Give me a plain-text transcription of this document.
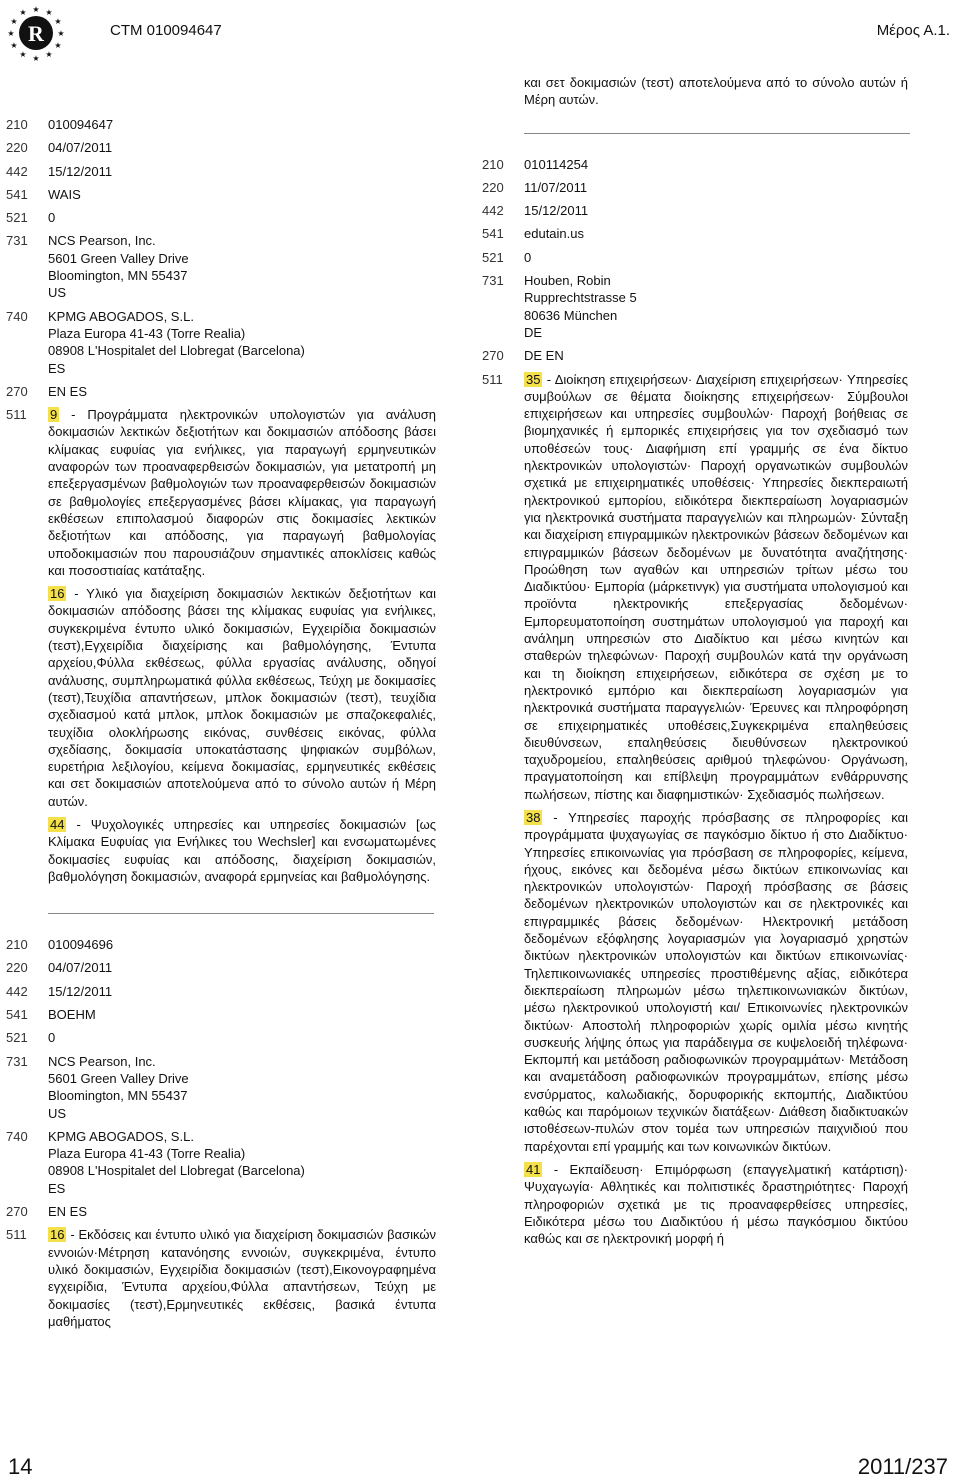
R
★ ★
★
★
★
★
★
★
★
★
★
★
CTM 010094647	Μέρος Α.1.
210	010094647
220	04/07/2011
442	15/12/2011
541	WAIS
521	0
731	NCS Pearson, Inc.
5601 Green Valley Drive
Bloomington, MN 55437
US
740	KPMG ABOGADOS, S.L.
Plaza Europa 41-43 (Torre Realia)
08908 L'Hospitalet del Llobregat (Barcelona)
ES
270	EN ES
511	9 - Προγράμματα ηλεκτρονικών υπολογιστών για ανάλυση δοκιμασιών λεκτικών δεξιοτήτων και δοκιμασιών απόδοσης βάσει κλίμακας ευφυίας για ενήλικες, για παραγωγή ερμηνευτικών αναφορών των προαναφερθεισών δοκιμασιών, για μετατροπή μη επεξεργασμένων βαθμολογιών των προαναφερθεισών δοκιμασιών σε βαθμολογίες επεξεργασμένες βάσει κλίμακας, για παραγωγή εκθέσεων επιπολασμού διαφορών στις δοκιμασίες λεκτικών δεξιοτήτων και απόδοσης, για παραγωγή βαθμολογίας υποδοκιμασιών που παρουσιάζουν σημαντικές αποκλίσεις καθώς και ποσοστιαίας κατάταξης.

16 - Υλικό για διαχείριση δοκιμασιών λεκτικών δεξιοτήτων και δοκιμασιών απόδοσης βάσει της κλίμακας ευφυίας για ενήλικες, συγκεκριμένα έντυπο υλικό δοκιμασιών, Εγχειρίδια δοκιμασιών (τεστ),Εγχειρίδια διαχείρισης και βαθμολόγησης, Έντυπα αρχείου,Φύλλα εκθέσεως, φύλλα εργασίας ανάλυσης, οδηγοί ανάλυσης, συμπληρωματικά φύλλα εκθέσεως, Τεύχη με δοκιμασίες (τεστ),Τευχίδια απαντήσεων, μπλοκ δοκιμασιών (τεστ), τευχίδια σχεδιασμού κατά μπλοκ, μπλοκ δοκιμασιών με σπαζοκεφαλιές, τευχίδια ολοκλήρωσης εικόνας, συνθέσεις εικόνας, φύλλα σχεδίασης, δοκιμασία υποκατάστασης ψηφιακών συμβόλων, ευρετήρια λεξιλογίου, κείμενα δοκιμασίας, ερμηνευτικές εκθέσεις και σετ δοκιμασιών αποτελούμενα από το σύνολο αυτών ή Μέρη αυτών.

44 - Ψυχολογικές υπηρεσίες και υπηρεσίες δοκιμασιών [ως Κλίμακα Ευφυίας για Ενήλικες του Wechsler] και ενσωματωμένες δοκιμασίες ευφυίας και απόδοσης, διαχείριση δοκιμασιών, βαθμολόγηση δοκιμασιών, αναφορά ερμηνείας και βαθμολόγησης.

210	010094696
220	04/07/2011
442	15/12/2011
541	BOEHM
521	0
731	NCS Pearson, Inc.
5601 Green Valley Drive
Bloomington, MN 55437
US
740	KPMG ABOGADOS, S.L.
Plaza Europa 41-43 (Torre Realia)
08908 L'Hospitalet del Llobregat (Barcelona)
ES
270	EN ES
511	16 - Εκδόσεις και έντυπο υλικό για διαχείριση δοκιμασιών βασικών εννοιών·Μέτρηση κατανόησης εννοιών, συγκεκριμένα, έντυπο υλικό δοκιμασιών, Εγχειρίδια δοκιμασιών (τεστ),Εικονογραφημένα εγχειρίδια, Έντυπα αρχείου,Φύλλα απαντήσεων, Τεύχη με δοκιμασίες (τεστ),Ερμηνευτικές εκθέσεις, βασικά έντυπα μαθήματος

και σετ δοκιμασιών (τεστ) αποτελούμενα από το σύνολο αυτών ή Μέρη αυτών.
210	010114254
220	11/07/2011
442	15/12/2011
541	edutain.us
521	0
731	Houben, Robin
Rupprechtstrasse 5
80636 München
DE
270	DE EN
511	35 - Διοίκηση επιχειρήσεων· Διαχείριση επιχειρήσεων· Υπηρεσίες συμβούλων σε θέματα διοίκησης επιχειρήσεων· Σύμβουλοι επιχειρήσεων και υπηρεσίες συμβουλών· Παροχή βοήθειας σε βιομηχανικές ή εμπορικές επιχειρήσεις για τον σχεδιασμό των υποθέσεών τους· Διαφήμιση επί γραμμής σε ένα δίκτυο ηλεκτρονικών υπολογιστών· Παροχή οργανωτικών συμβουλών σχετικά με επιχειρηματικές υποθέσεις· Υπηρεσίες διεκπεραιωτή ηλεκτρονικού εμπορίου, ειδικότερα διεκπεραίωση λογαριασμών για ηλεκτρονικά συστήματα παραγγελιών και πληρωμών· Σύνταξη και διαχείριση επιγραμμικών ηλεκτρονικών βάσεων δεδομένων και επιγραμμικών βάσεων δεδομένων με δυνατότητα αναζήτησης· Προώθηση των αγαθών και υπηρεσιών τρίτων μέσω του Διαδικτύου· Εμπορία (μάρκετινγκ) για συστήματα υπολογισμού και προϊόντα ηλεκτρονικής επεξεργασίας δεδομένων· Εμπορευματοποίηση συστημάτων υπολογισμού για παροχή και ανάλημη υπηρεσιών στο Διαδίκτυο και μέσω κινητών και σταθερών τηλεφώνων· Παροχή συμβουλών κατά την οργάνωση και τη διοίκηση επιχειρήσεων, ειδικότερα σε σχέση με το ηλεκτρονικό εμπόριο και διεκπεραίωση λογαριασμών για ηλεκτρονικά συστήματα παραγγελιών· Έρευνες και πληροφόρηση σε επιχειρηματικές υποθέσεις,Συγκεκριμένα επαληθεύσεις διευθύνσεων, επαληθεύσεις διευθύνσεων ηλεκτρονικού ταχυδρομείου, επαληθεύσεις αριθμού τηλεφώνου· Οργάνωση, πραγματοποίηση και επίβλεψη προγραμμάτων ενθάρρυνσης πωλήσεων, πίστης και διαφημιστικών· Σχεδιασμός πωλήσεων.

38 - Υπηρεσίες παροχής πρόσβασης σε πληροφορίες και προγράμματα ψυχαγωγίας σε παγκόσμιο δίκτυο ή στο Διαδίκτυο· Υπηρεσίες επικοινωνίας για πρόσβαση σε πληροφορίες, κείμενα, ήχους, εικόνες και δεδομένα μέσω δικτύων επικοινωνίας και ηλεκτρονικών υπολογιστών· Παροχή πρόσβασης σε βάσεις δεδομένων ηλεκτρονικών υπολογιστών και σε ηλεκτρονικές και επιγραμμικές βάσεις δεδομένων· Ηλεκτρονική μετάδοση δεδομένων εξόφλησης λογαριασμών για λογαριασμό χρηστών δικτύων ηλεκτρονικών υπολογιστών και δικτύων επικοινωνίας· Τηλεπικοινωνιακές υπηρεσίες προστιθέμενης αξίας, ειδικότερα διεκπεραίωση πληρωμών μέσω τηλεπικοινωνιακών δικτύων, μέσω ηλεκτρονικού υπολογιστή και/ Επικοινωνίες ηλεκτρονικών δικτύων· Αποστολή πληροφοριών χωρίς ομιλία μέσω κινητής συσκευής λήψης όπως για παράδειγμα σε κυψελοειδή τηλέφωνα· Εκπομπή και μετάδοση ραδιοφωνικών προγραμμάτων· Μετάδοση και αναμετάδοση ραδιοφωνικών προγραμμάτων, επίσης μέσω ενσύρματος, καλωδιακής, δορυφορικής εκπομπής, Διαδικτύου καθώς και παρόμοιων τεχνικών διατάξεων· Διάθεση διαδικτυακών ιστοθέσεων-πυλών στον τομέα των υπηρεσιών παιχνιδιού που παρέχονται επί γραμμής και των κοινωνικών δικτύων.

41 - Εκπαίδευση· Επιμόρφωση (επαγγελματική κατάρτιση)· Ψυχαγωγία· Αθλητικές και πολιτιστικές δραστηριότητες· Παροχή πληροφοριών σχετικά με τις προαναφερθείσες υπηρεσίες, Ειδικότερα μέσω του Διαδικτύου ή μέσω παγκόσμιου δικτύου καθώς και σε ηλεκτρονική μορφή ή

14	2011/237
